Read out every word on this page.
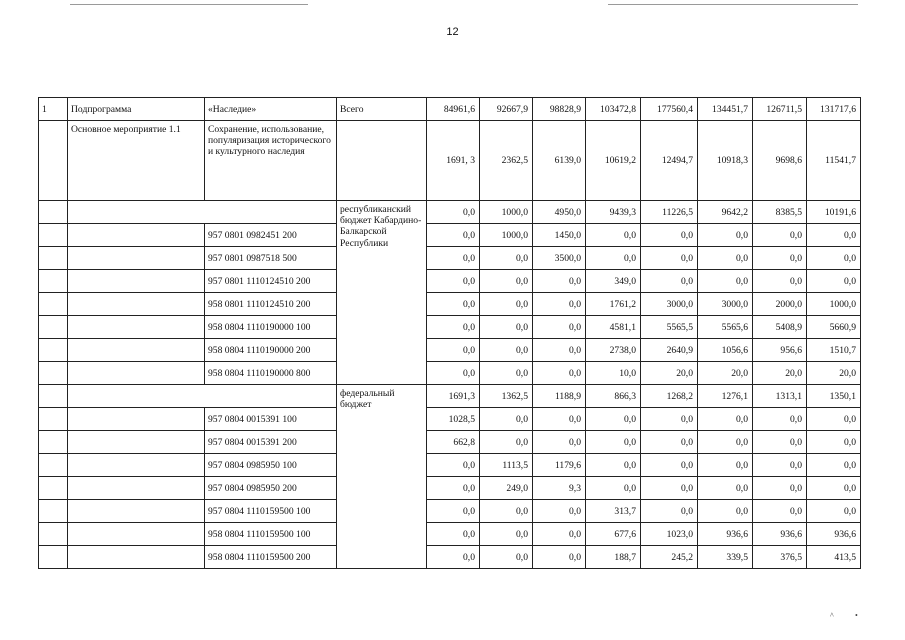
12
1	Подпрограмма	«Наследие»	Всего	84961,6	92667,9	98828,9	103472,8	177560,4	134451,7	126711,5	131717,6
	Основное мероприятие 1.1	Сохранение, использование, популяризация исторического и культурного наследия		1691, 3	2362,5	6139,0	10619,2	12494,7	10918,3	9698,6	11541,7
			республиканский бюджет Кабардино-Балкарской Республики	0,0	1000,0	4950,0	9439,3	11226,5	9642,2	8385,5	10191,6
		957 0801 0982451 200		0,0	1000,0	1450,0	0,0	0,0	0,0	0,0	0,0
		957 0801 0987518 500		0,0	0,0	3500,0	0,0	0,0	0,0	0,0	0,0
		957 0801 1110124510 200		0,0	0,0	0,0	349,0	0,0	0,0	0,0	0,0
		958 0801 1110124510 200		0,0	0,0	0,0	1761,2	3000,0	3000,0	2000,0	1000,0
		958 0804 1110190000 100		0,0	0,0	0,0	4581,1	5565,5	5565,6	5408,9	5660,9
		958 0804 1110190000 200		0,0	0,0	0,0	2738,0	2640,9	1056,6	956,6	1510,7
		958 0804 1110190000 800		0,0	0,0	0,0	10,0	20,0	20,0	20,0	20,0
			федеральный бюджет	1691,3	1362,5	1188,9	866,3	1268,2	1276,1	1313,1	1350,1
		957 0804 0015391 100		1028,5	0,0	0,0	0,0	0,0	0,0	0,0	0,0
		957 0804 0015391 200		662,8	0,0	0,0	0,0	0,0	0,0	0,0	0,0
		957 0804 0985950 100		0,0	1113,5	1179,6	0,0	0,0	0,0	0,0	0,0
		957 0804 0985950 200		0,0	249,0	9,3	0,0	0,0	0,0	0,0	0,0
		957 0804 1110159500 100		0,0	0,0	0,0	313,7	0,0	0,0	0,0	0,0
		958 0804 1110159500 100		0,0	0,0	0,0	677,6	1023,0	936,6	936,6	936,6
		958 0804 1110159500 200		0,0	0,0	0,0	188,7	245,2	339,5	376,5	413,5
^	•
